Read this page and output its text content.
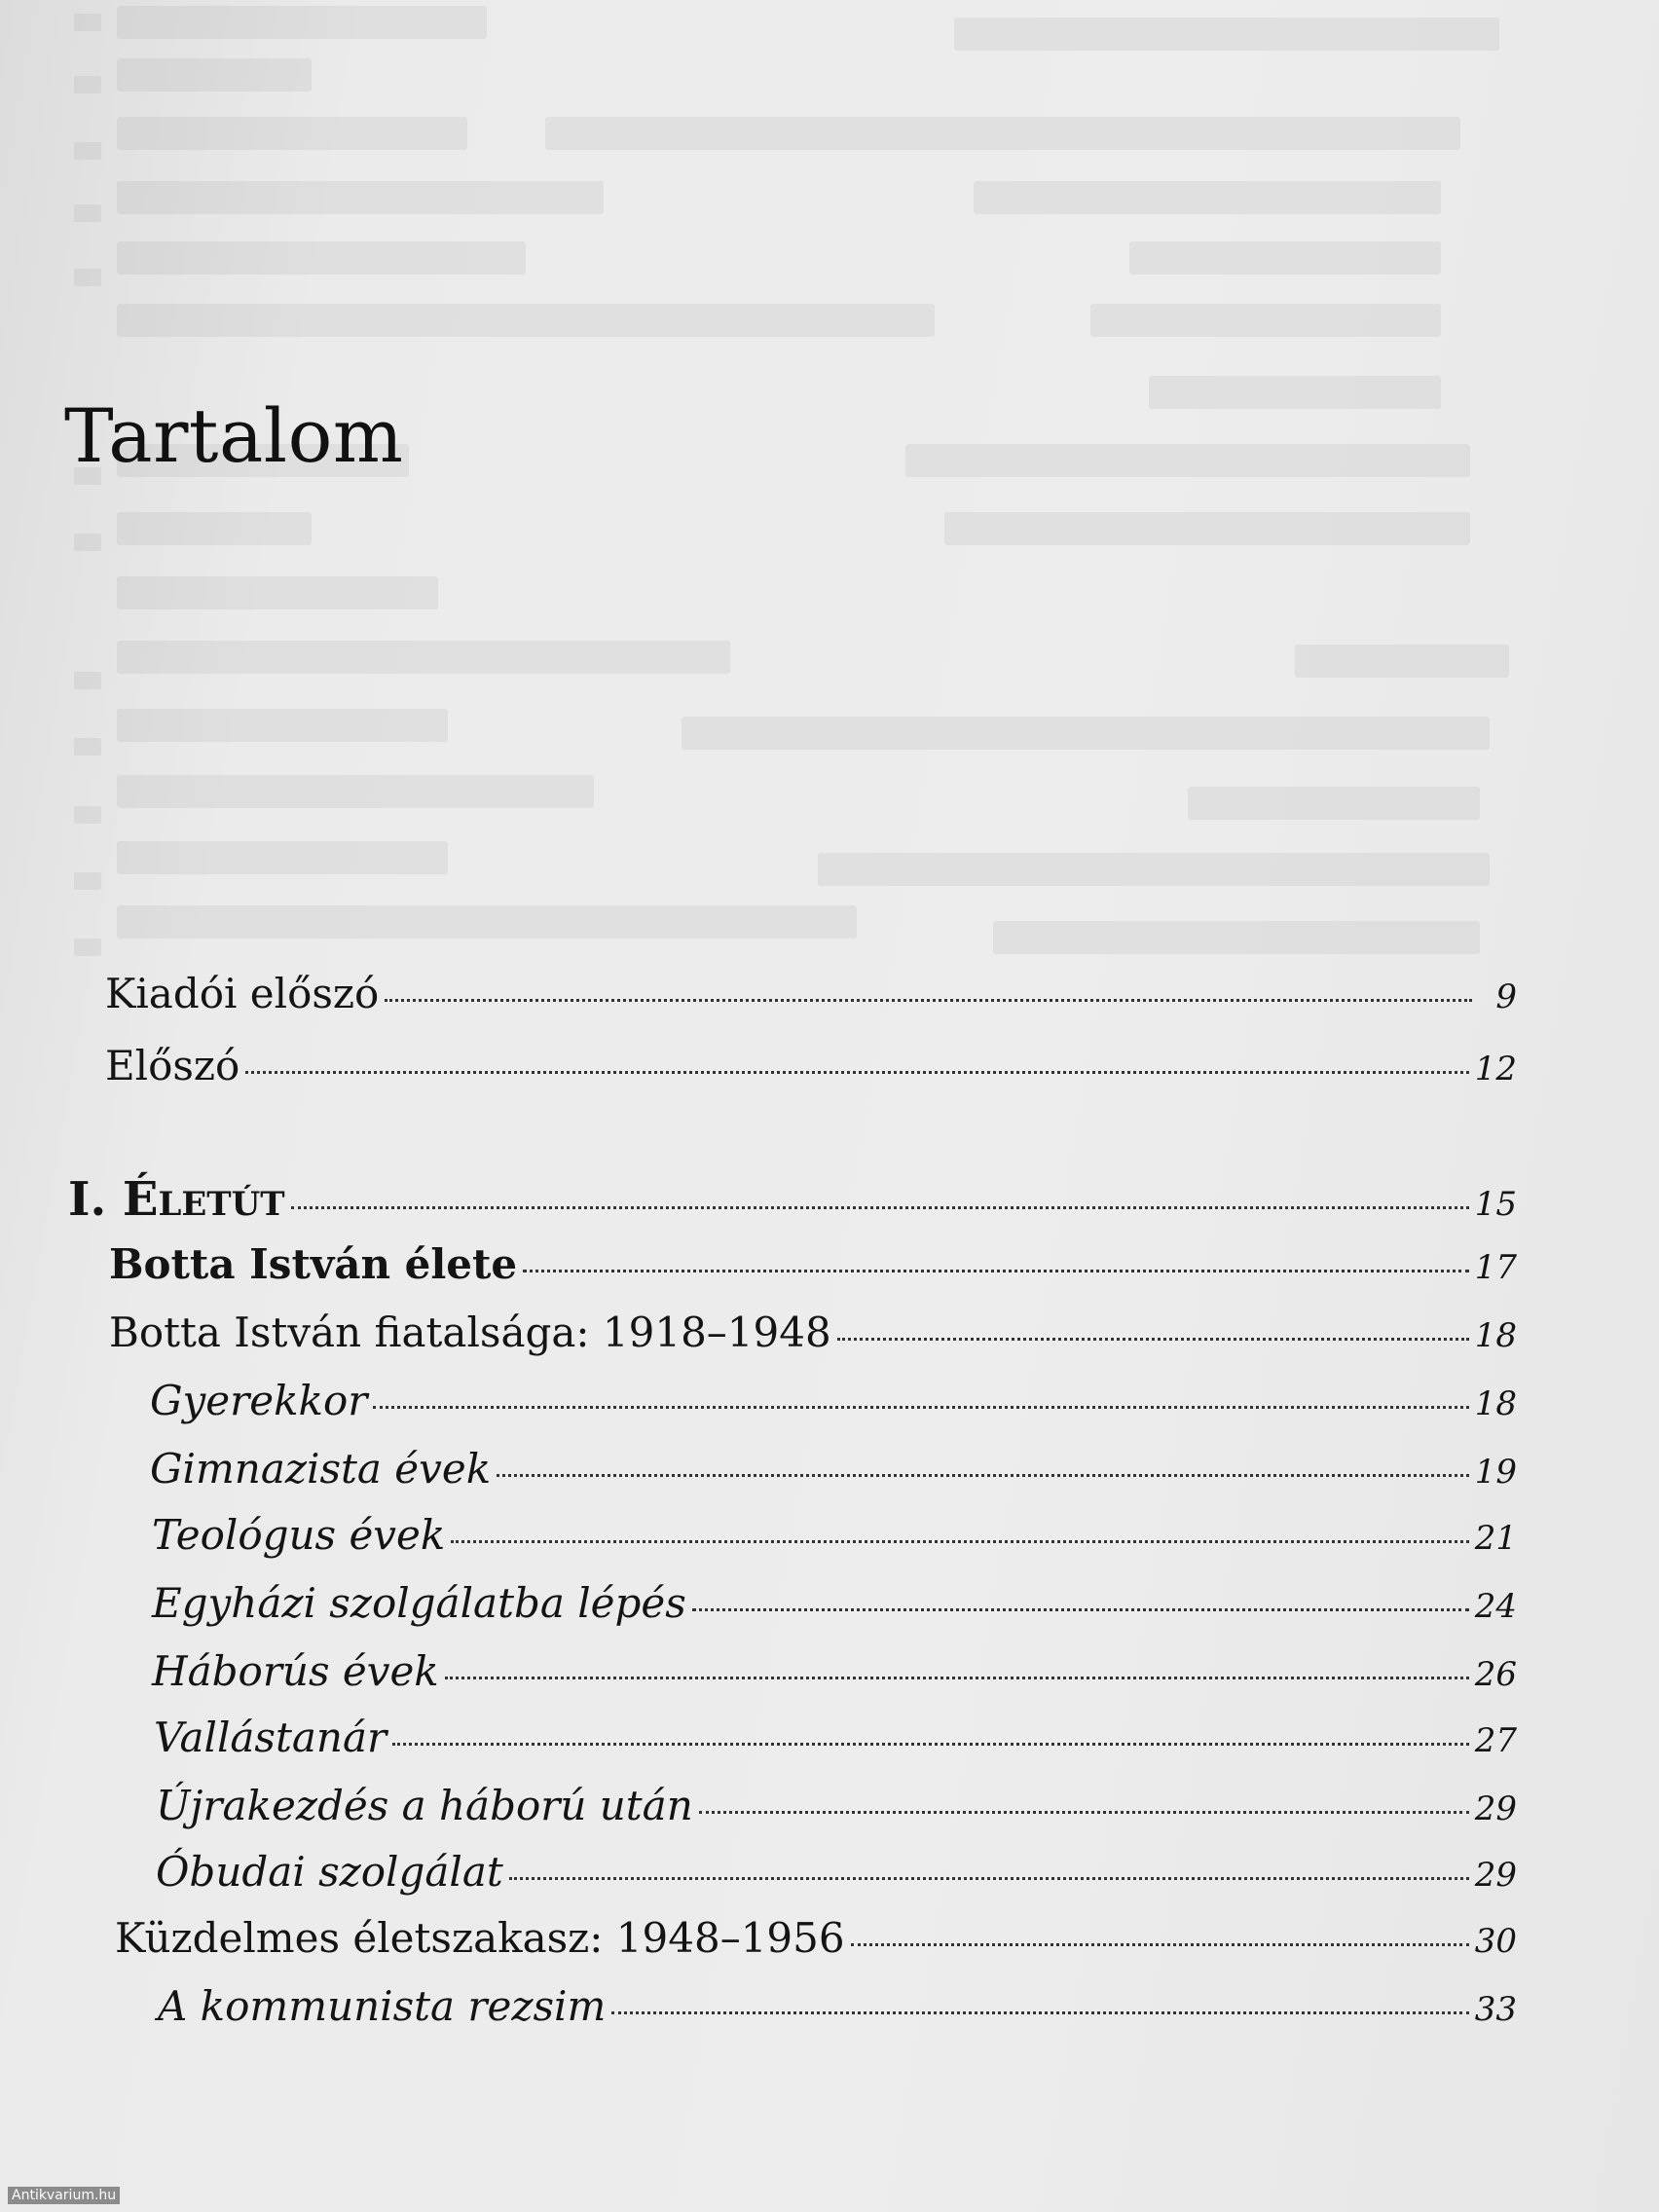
Tartalom
Kiadói előszó	9
Előszó	12
I. Életút	15
Botta István élete	17
Botta István fiatalsága: 1918–1948	18
Gyerekkor	18
Gimnazista évek	19
Teológus évek	21
Egyházi szolgálatba lépés	24
Háborús évek	26
Vallástanár	27
Újrakezdés a háború után	29
Óbudai szolgálat	29
Küzdelmes életszakasz: 1948–1956	30
A kommunista rezsim	33
Antikvarium.hu
